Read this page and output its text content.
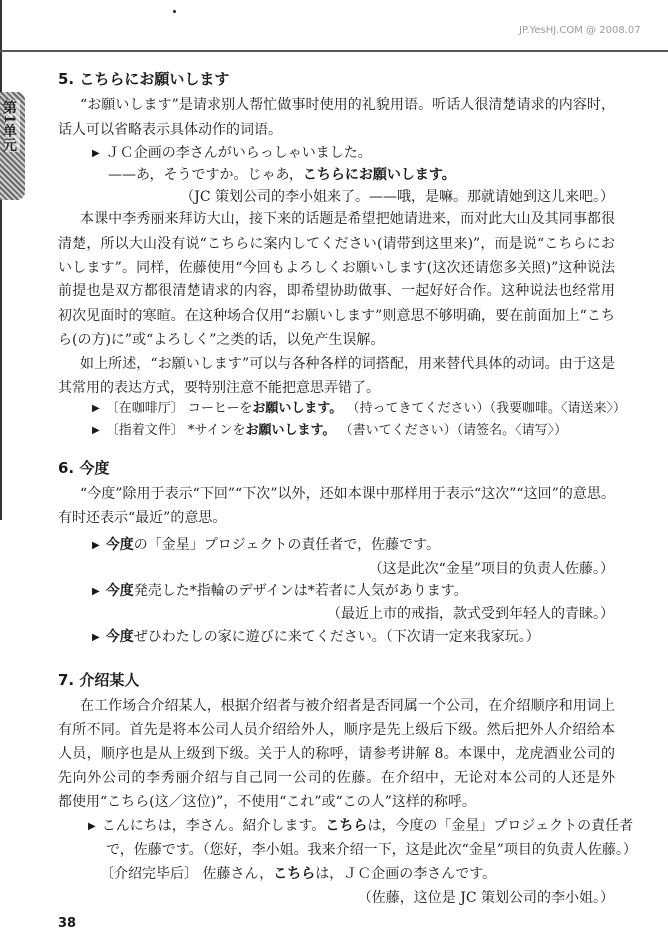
JP.YesHJ.COM @ 2008.07
第1单元
5. こちらにお願いします
“お願いします”是请求别人帮忙做事时使用的礼貌用语。听话人很清楚请求的内容时，
话人可以省略表示具体动作的词语。
▶ ＪＣ企画の李さんがいらっしゃいました。
——あ，そうですか。じゃあ，こちらにお願いします。
（JC 策划公司的李小姐来了。——哦，是嘛。那就请她到这儿来吧。）
本课中李秀丽来拜访大山，接下来的话题是希望把她请进来，而对此大山及其同事都很
清楚，所以大山没有说“こちらに案内してください(请带到这里来)”，而是说“こちらにお
いします”。同样，佐藤使用“今回もよろしくお願いします(这次还请您多关照)”这种说法
前提也是双方都很清楚请求的内容，即希望协助做事、一起好好合作。这种说法也经常用
初次见面时的寒暄。在这种场合仅用“お願いします”则意思不够明确，要在前面加上“こち
ら(の方)に”或“よろしく”之类的话，以免产生误解。
如上所述，“お願いします”可以与各种各样的词搭配，用来替代具体的动词。由于这是
其常用的表达方式，要特别注意不能把意思弄错了。
▶ 〔在咖啡厅〕 コーヒーをお願いします。 （持ってきてください）（我要咖啡。〈请送来〉）
▶ 〔指着文件〕 *サインをお願いします。 （書いてください）（请签名。〈请写〉）
6. 今度
“今度”除用于表示“下回”“下次”以外，还如本课中那样用于表示“这次”“这回”的意思。
有时还表示“最近”的意思。
▶ 今度の「金星」プロジェクトの責任者で，佐藤です。
（这是此次“金星”项目的负责人佐藤。）
▶ 今度発売した*指輪のデザインは*若者に人気があります。
（最近上市的戒指，款式受到年轻人的青睐。）
▶ 今度ぜひわたしの家に遊びに来てください。（下次请一定来我家玩。）
7. 介绍某人
在工作场合介绍某人，根据介绍者与被介绍者是否同属一个公司，在介绍顺序和用词上
有所不同。首先是将本公司人员介绍给外人，顺序是先上级后下级。然后把外人介绍给本
人员，顺序也是从上级到下级。关于人的称呼，请参考讲解 8。本课中，龙虎酒业公司的
先向外公司的李秀丽介绍与自己同一公司的佐藤。在介绍中，无论对本公司的人还是外
都使用“こちら(这／这位)”，不使用“これ”或“この人”这样的称呼。
▶ こんにちは，李さん。紹介します。こちらは，今度の「金星」プロジェクトの責任者
で，佐藤です。（您好，李小姐。我来介绍一下，这是此次“金星”项目的负责人佐藤。）
〔介绍完毕后〕 佐藤さん，こちらは，ＪＣ企画の李さんです。
（佐藤，这位是 JC 策划公司的李小姐。）
38
